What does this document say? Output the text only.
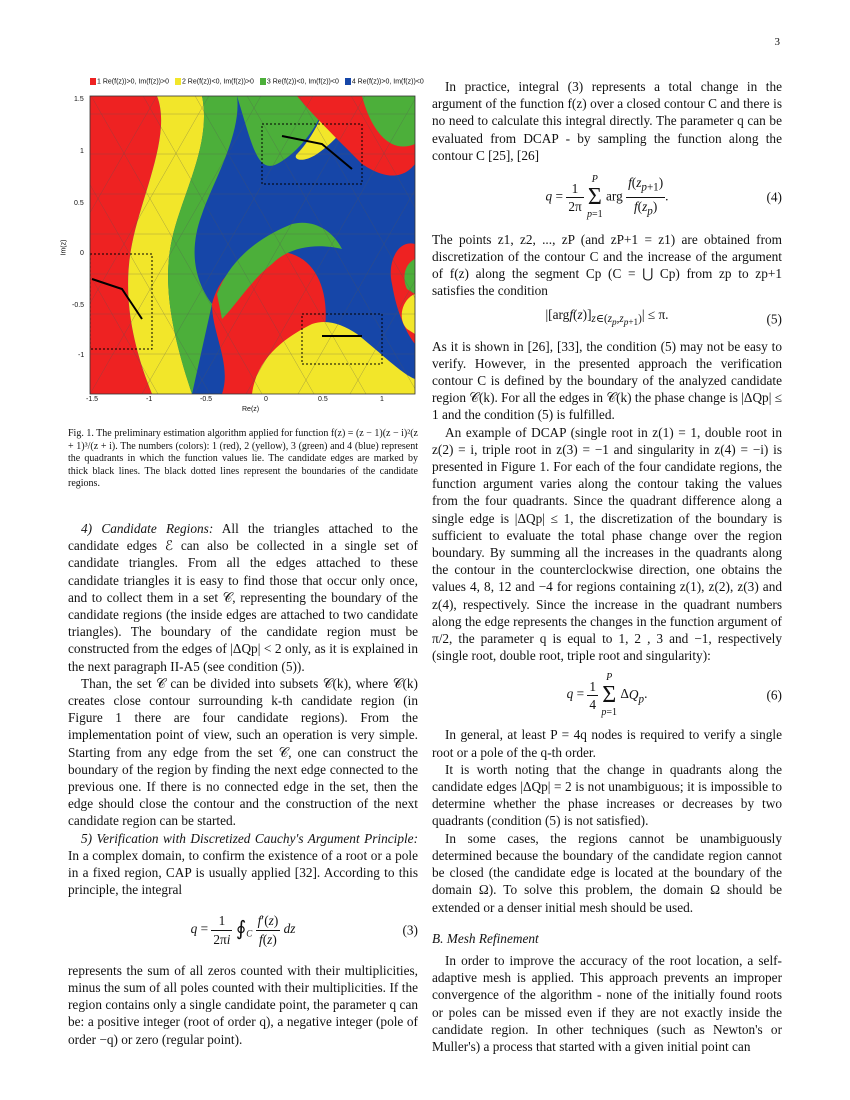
3
1 Re(f(z))>0, Im(f(z))>0 2 Re(f(z))<0, Im(f(z))>0 3 Re(f(z))<0, Im(f(z))<0 4 Re(f(z))>0, Im(f(z))<0
Im(z)
1.5
1
0.5
0
-0.5
-1
-1.5	-1	-0.5	0	0.5	1
Re(z)

Fig. 1. The preliminary estimation algorithm applied for function f(z) = (z − 1)(z − i)²(z + 1)³/(z + i). The numbers (colors): 1 (red), 2 (yellow), 3 (green) and 4 (blue) represent the quadrants in which the function values lie. The candidate edges are marked by thick black lines. The black dotted lines represent the boundaries of the candidate regions.

4) Candidate Regions: All the triangles attached to the candidate edges ℰ can also be collected in a single set of candidate triangles. From all the edges attached to these candidate triangles it is easy to find those that occur only once, and to collect them in a set 𝒞, representing the boundary of the candidate regions (the inside edges are attached to two candidate triangles). The boundary of the candidate region must be constructed from the edges of |ΔQp| < 2 only, as it is explained in the next paragraph II-A5 (see condition (5)).

Than, the set 𝒞 can be divided into subsets 𝒞(k), where 𝒞(k) creates close contour surrounding k-th candidate region (in Figure 1 there are four candidate regions). From the implementation point of view, such an operation is very simple. Starting from any edge from the set 𝒞, one can construct the boundary of the region by finding the next edge connected to the previous one. If there is no connected edge in the set, then the edge should close the contour and the construction of the next candidate region can be started.

5) Verification with Discretized Cauchy's Argument Principle: In a complex domain, to confirm the existence of a root or a pole in a fixed region, CAP is usually applied [32]. According to this principle, the integral

$q = \frac{1}{2\pi i}$ $∮_C \frac{f'(z)}{f(z)}$ dz	(3)

represents the sum of all zeros counted with their multiplicities, minus the sum of all poles counted with their multiplicities. If the region contains only a single candidate point, the parameter q can be: a positive integer (root of order q), a negative integer (pole of order −q) or zero (regular point).

In practice, integral (3) represents a total change in the argument of the function f(z) over a closed contour C and there is no need to calculate this integral directly. The parameter q can be evaluated from DCAP - by sampling the function along the contour C [25], [26]

$q = \frac{1}{2\pi}$ P
Σ
p=1 arg $\frac{f(z_{p+1})}{f(z_p)}$ .	(4)

The points z1, z2, ..., zP (and zP+1 = z1) are obtained from discretization of the contour C and the increase of the argument of f(z) along the segment Cp (C = ⋃ Cp) from zp to zp+1 satisfies the condition

$|[argf(z)]_{z\in(z_p,z_{p+1})}| \le \pi$.	(5)

As it is shown in [26], [33], the condition (5) may not be easy to verify. However, in the presented approach the verification contour C is defined by the boundary of the analyzed candidate region 𝒞(k). For all the edges in 𝒞(k) the phase change is |ΔQp| ≤ 1 and the condition (5) is fulfilled.

An example of DCAP (single root in z(1) = 1, double root in z(2) = i, triple root in z(3) = −1 and singularity in z(4) = −i) is presented in Figure 1. For each of the four candidate regions, the function argument varies along the contour taking the values from the four quadrants. Since the quadrant difference along a single edge is |ΔQp| ≤ 1, the discretization of the boundary is sufficient to evaluate the total phase change over the region boundary. By summing all the increases in the quadrants along the contour in the counterclockwise direction, one obtains the values 4, 8, 12 and −4 for regions containing z(1), z(2), z(3) and z(4), respectively. Since the increase in the quadrant numbers along the edge represents the changes in the function argument of π/2, the parameter q is equal to 1, 2 , 3 and −1, respectively (single root, double root, triple root and singularity):

$q = \frac{1}{4}$ P
Σ
p=1 $\Delta Q_p$.	(6)

In general, at least P = 4q nodes is required to verify a single root or a pole of the q-th order.

It is worth noting that the change in quadrants along the candidate edges |ΔQp| = 2 is not unambiguous; it is impossible to determine whether the phase increases or decreases by two quadrants (condition (5) is not satisfied).

In some cases, the regions cannot be unambiguously determined because the boundary of the candidate region cannot be closed (the candidate edge is located at the boundary of the domain Ω). To solve this problem, the domain Ω should be extended or a denser initial mesh should be used.

B. Mesh Refinement

In order to improve the accuracy of the root location, a self-adaptive mesh is applied. This approach prevents an improper convergence of the algorithm - none of the initially found roots or poles can be missed even if they are not exactly inside the candidate region. In other techniques (such as Newton's or Muller's) a process that started with a given initial point can
